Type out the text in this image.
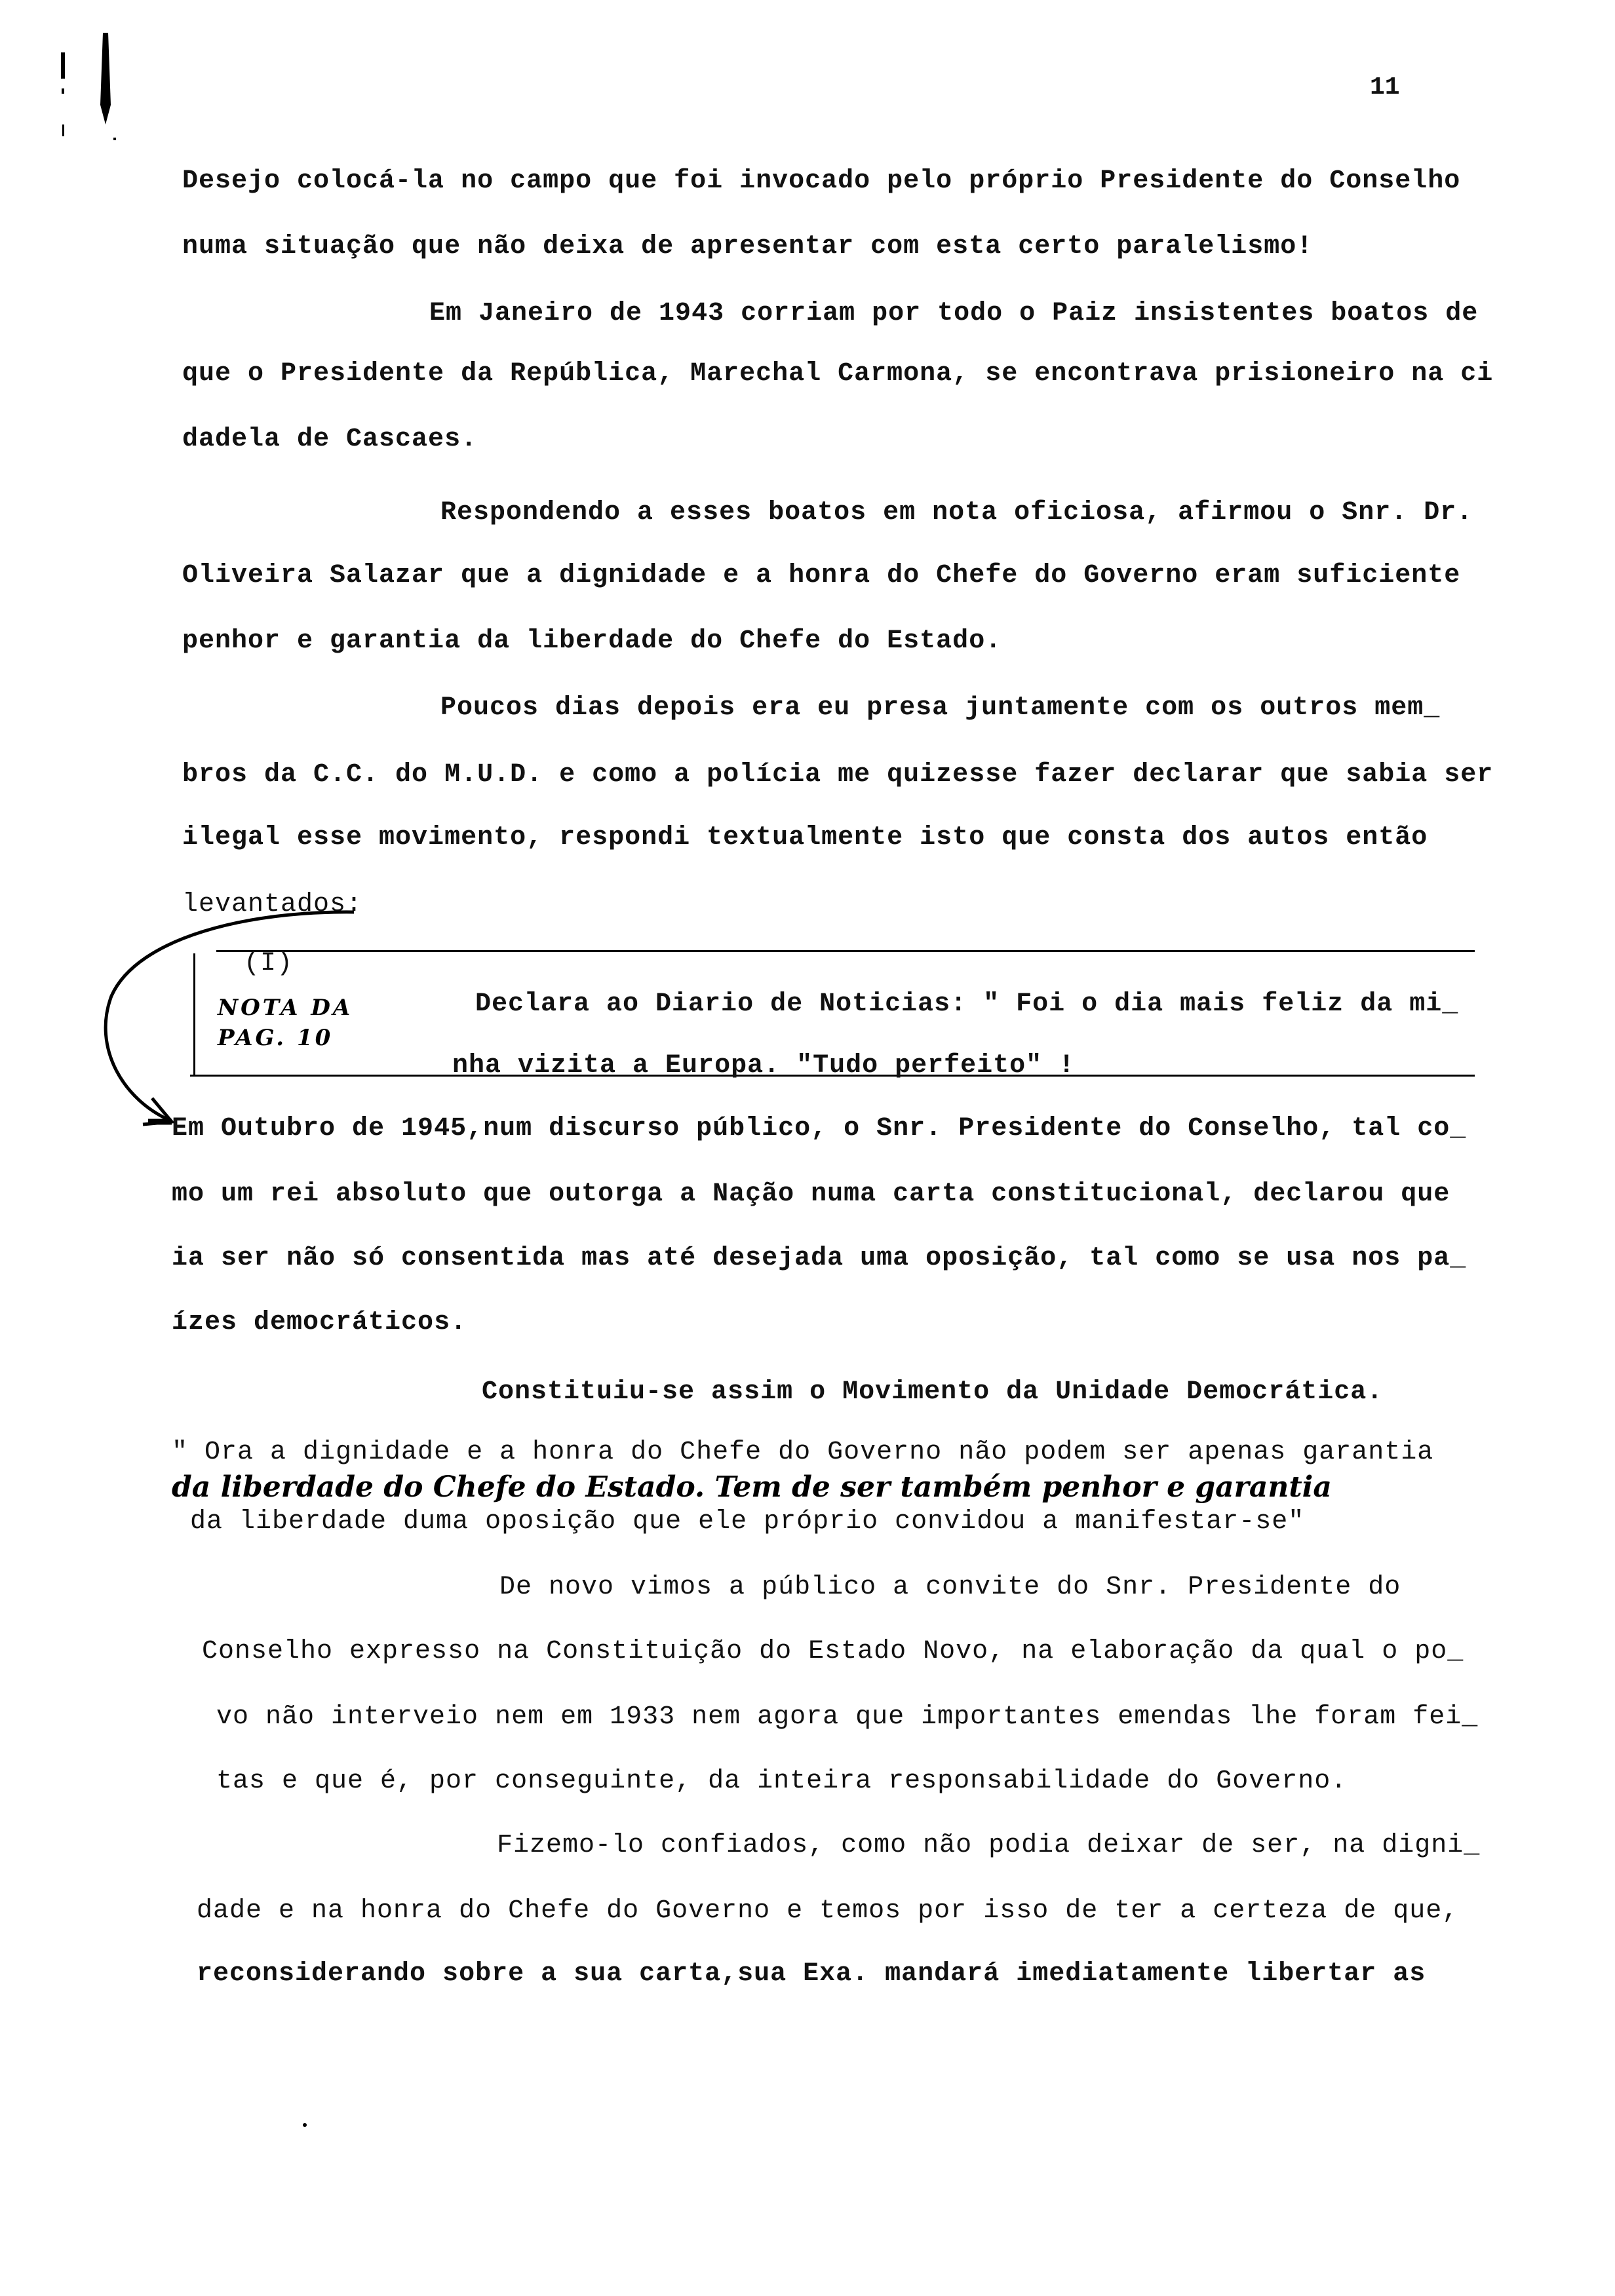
11
Desejo colocá-la no campo que foi invocado pelo próprio Presidente do Conselho
numa situação que não deixa de apresentar com esta certo paralelismo!
Em Janeiro de 1943 corriam por todo o Paiz insistentes boatos de
que o Presidente da República, Marechal Carmona, se encontrava prisioneiro na ci
dadela de Cascaes.
Respondendo a esses boatos em nota oficiosa, afirmou o Snr. Dr.
Oliveira Salazar que a dignidade e a honra do Chefe do Governo eram suficiente
penhor e garantia da liberdade do Chefe do Estado.
Poucos dias depois era eu presa juntamente com os outros mem_
bros da C.C. do M.U.D. e como a polícia me quizesse fazer declarar que sabia ser
ilegal esse movimento, respondi textualmente isto que consta dos autos então
levantados:
(I)
NOTA DA
PAG. 10
Declara ao Diario de Noticias: " Foi o dia mais feliz da mi_
nha vizita a Europa. "Tudo perfeito" !
Em Outubro de 1945,num discurso público, o Snr. Presidente do Conselho, tal co_
mo um rei absoluto que outorga a Nação numa carta constitucional, declarou que
ia ser não só consentida mas até desejada uma oposição, tal como se usa nos pa_
ízes democráticos.
Constituiu-se assim o Movimento da Unidade Democrática.
" Ora a dignidade e a honra do Chefe do Governo não podem ser apenas garantia
da liberdade do Chefe do Estado. Tem de ser também penhor e garantia
da liberdade duma oposição que ele próprio convidou a manifestar-se"
De novo vimos a público a convite do Snr. Presidente do
Conselho expresso na Constituição do Estado Novo, na elaboração da qual o po_
vo não interveio nem em 1933 nem agora que importantes emendas lhe foram fei_
tas e que é, por conseguinte, da inteira responsabilidade do Governo.
Fizemo-lo confiados, como não podia deixar de ser, na digni_
dade e na honra do Chefe do Governo e temos por isso de ter a certeza de que,
reconsiderando sobre a sua carta,sua Exa. mandará imediatamente libertar as
